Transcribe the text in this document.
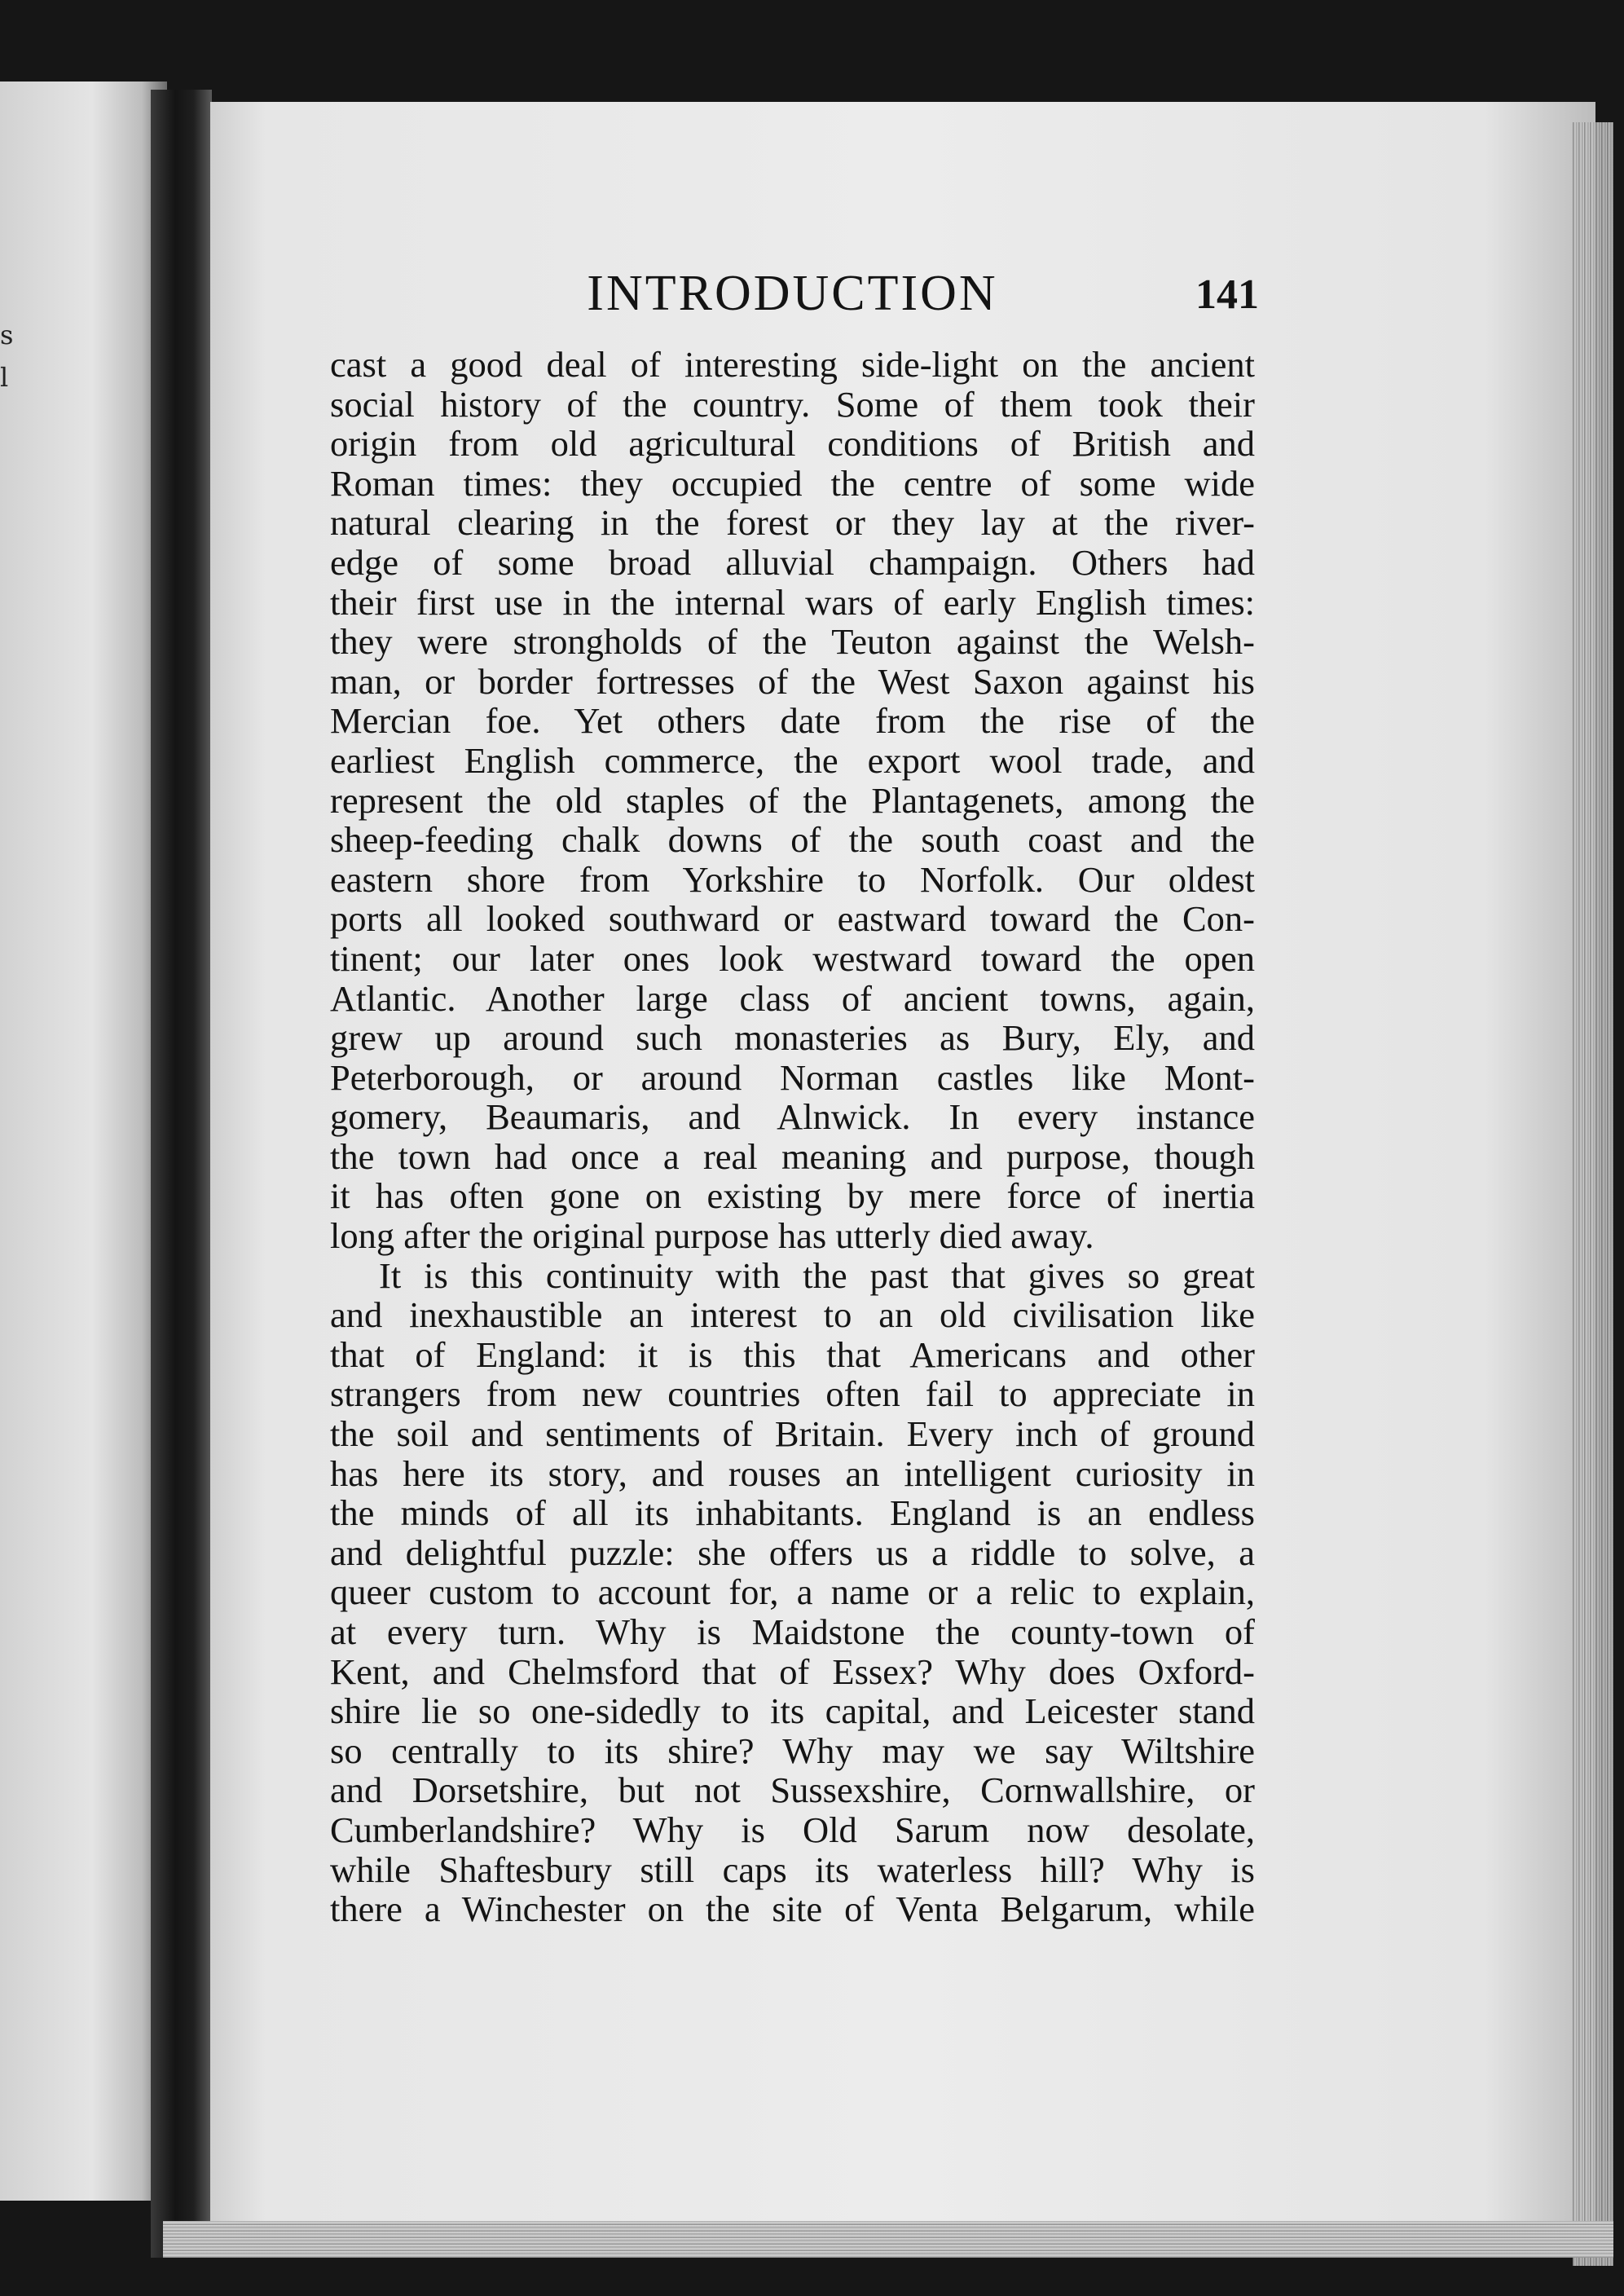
s
l
INTRODUCTION	141
cast a good deal of interesting side-light on the ancient
social history of the country. Some of them took their
origin from old agricultural conditions of British and
Roman times: they occupied the centre of some wide
natural clearing in the forest or they lay at the river-
edge of some broad alluvial champaign. Others had
their first use in the internal wars of early English times:
they were strongholds of the Teuton against the Welsh-
man, or border fortresses of the West Saxon against his
Mercian foe. Yet others date from the rise of the
earliest English commerce, the export wool trade, and
represent the old staples of the Plantagenets, among the
sheep-feeding chalk downs of the south coast and the
eastern shore from Yorkshire to Norfolk. Our oldest
ports all looked southward or eastward toward the Con-
tinent; our later ones look westward toward the open
Atlantic. Another large class of ancient towns, again,
grew up around such monasteries as Bury, Ely, and
Peterborough, or around Norman castles like Mont-
gomery, Beaumaris, and Alnwick. In every instance
the town had once a real meaning and purpose, though
it has often gone on existing by mere force of inertia
long after the original purpose has utterly died away.
It is this continuity with the past that gives so great
and inexhaustible an interest to an old civilisation like
that of England: it is this that Americans and other
strangers from new countries often fail to appreciate in
the soil and sentiments of Britain. Every inch of ground
has here its story, and rouses an intelligent curiosity in
the minds of all its inhabitants. England is an endless
and delightful puzzle: she offers us a riddle to solve, a
queer custom to account for, a name or a relic to explain,
at every turn. Why is Maidstone the county-town of
Kent, and Chelmsford that of Essex? Why does Oxford-
shire lie so one-sidedly to its capital, and Leicester stand
so centrally to its shire? Why may we say Wiltshire
and Dorsetshire, but not Sussexshire, Cornwallshire, or
Cumberlandshire? Why is Old Sarum now desolate,
while Shaftesbury still caps its waterless hill? Why is
there a Winchester on the site of Venta Belgarum, while
